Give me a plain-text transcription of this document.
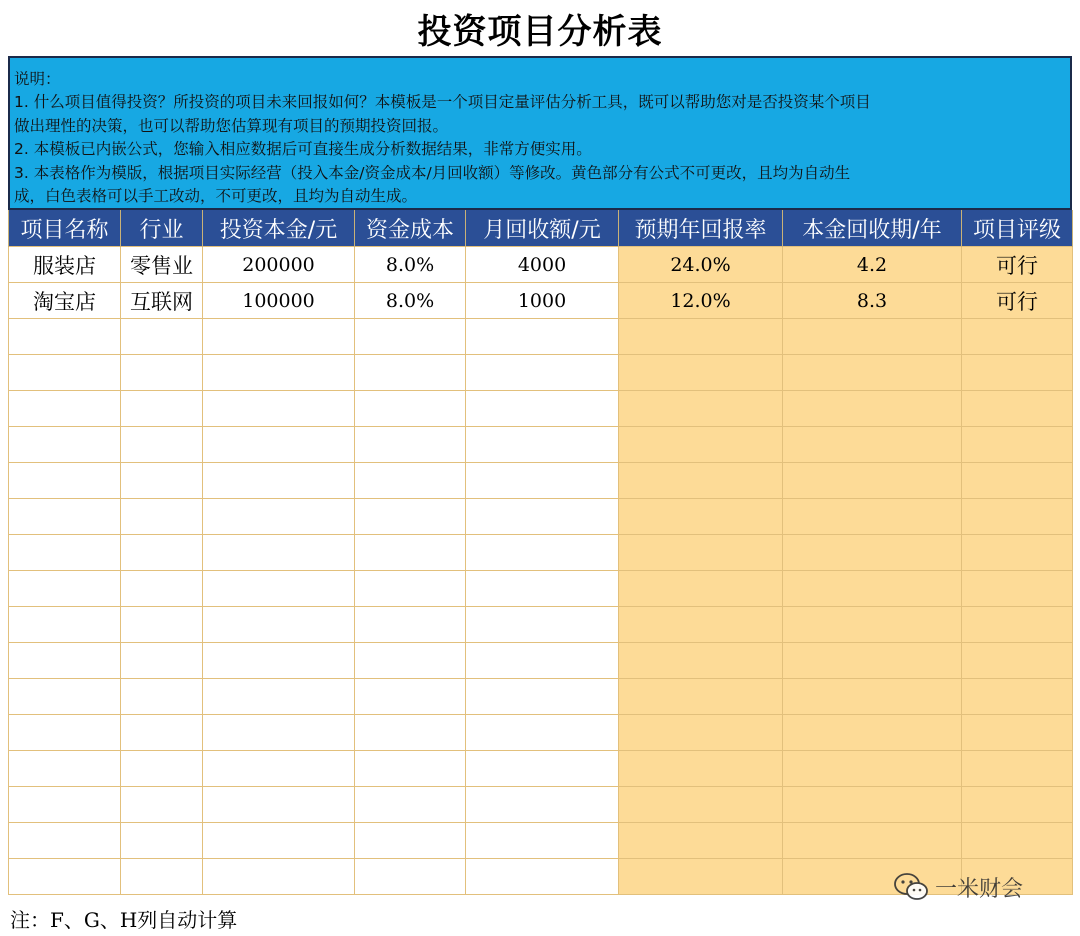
投资项目分析表
说明：
1. 什么项目值得投资？所投资的项目未来回报如何？本模板是一个项目定量评估分析工具，既可以帮助您对是否投资某个项目
做出理性的决策，也可以帮助您估算现有项目的预期投资回报。
2. 本模板已内嵌公式，您输入相应数据后可直接生成分析数据结果，非常方便实用。
3. 本表格作为模版，根据项目实际经营（投入本金/资金成本/月回收额）等修改。黄色部分有公式不可更改，且均为自动生
成，白色表格可以手工改动，不可更改，且均为自动生成。
项目名称	行业	投资本金/元	资金成本	月回收额/元	预期年回报率	本金回收期/年	项目评级
服装店	零售业	200000	8.0%	4000	24.0%	4.2	可行
淘宝店	互联网	100000	8.0%	1000	12.0%	8.3	可行

注：F、G、H列自动计算
一米财会
